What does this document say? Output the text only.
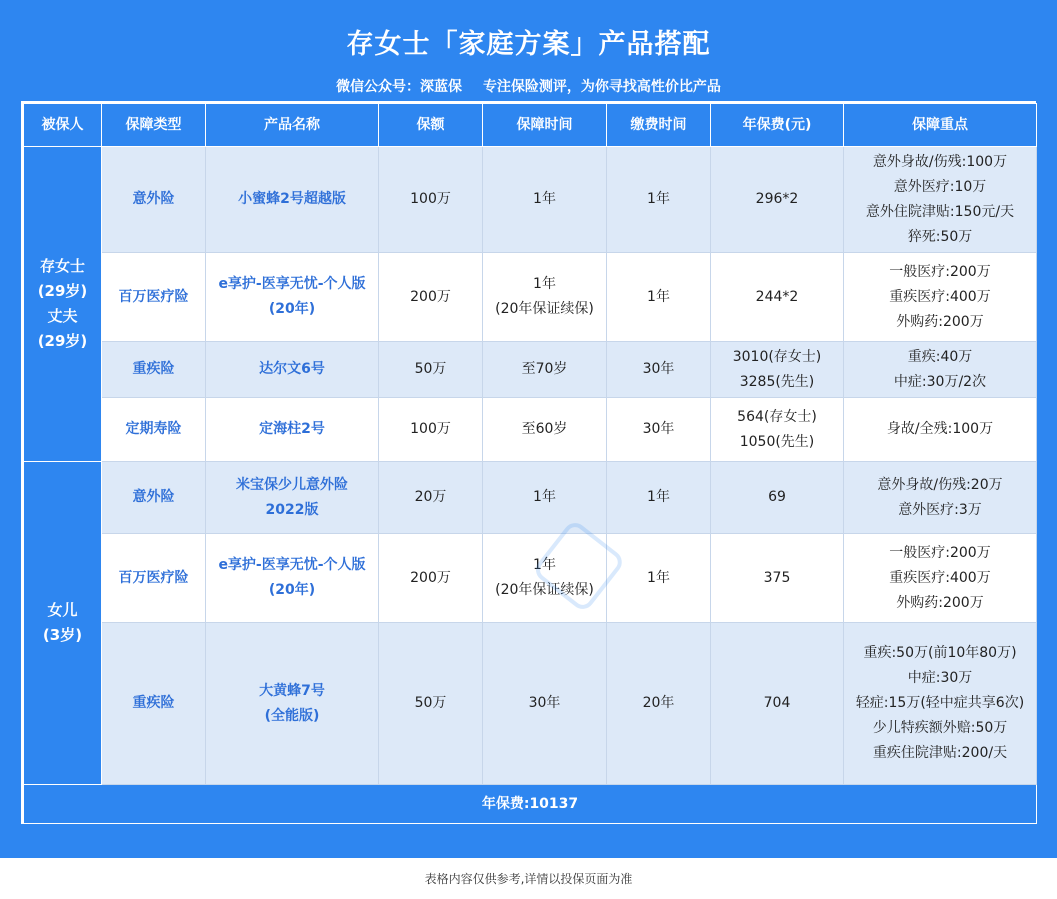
存女士「家庭方案」产品搭配
微信公众号：深蓝保 专注保险测评，为你寻找高性价比产品
被保人	保障类型	产品名称	保额	保障时间	缴费时间	年保费(元)	保障重点

存女士
(29岁)
丈夫
(29岁)	意外险	小蜜蜂2号超越版	100万	1年	1年	296*2	意外身故/伤残:100万
意外医疗:10万
意外住院津贴:150元/天
猝死:50万

	百万医疗险	e享护-医享无忧-个人版
(20年)	200万	1年
(20年保证续保)	1年	244*2	一般医疗:200万
重疾医疗:400万
外购药:200万

	重疾险	达尔文6号	50万	至70岁	30年	3010(存女士)
3285(先生)	重疾:40万
中症:30万/2次

	定期寿险	定海柱2号	100万	至60岁	30年	564(存女士)
1050(先生)	身故/全残:100万

女儿
(3岁)	意外险	米宝保少儿意外险
2022版	20万	1年	1年	69	意外身故/伤残:20万
意外医疗:3万

	百万医疗险	e享护-医享无忧-个人版
(20年)	200万	1年
(20年保证续保)	1年	375	一般医疗:200万
重疾医疗:400万
外购药:200万

	重疾险	大黄蜂7号
(全能版)	50万	30年	20年	704	重疾:50万(前10年80万)
中症:30万
轻症:15万(轻中症共享6次)
少儿特疾额外赔:50万
重疾住院津贴:200/天

年保费:10137							
表格内容仅供参考,详情以投保页面为准
